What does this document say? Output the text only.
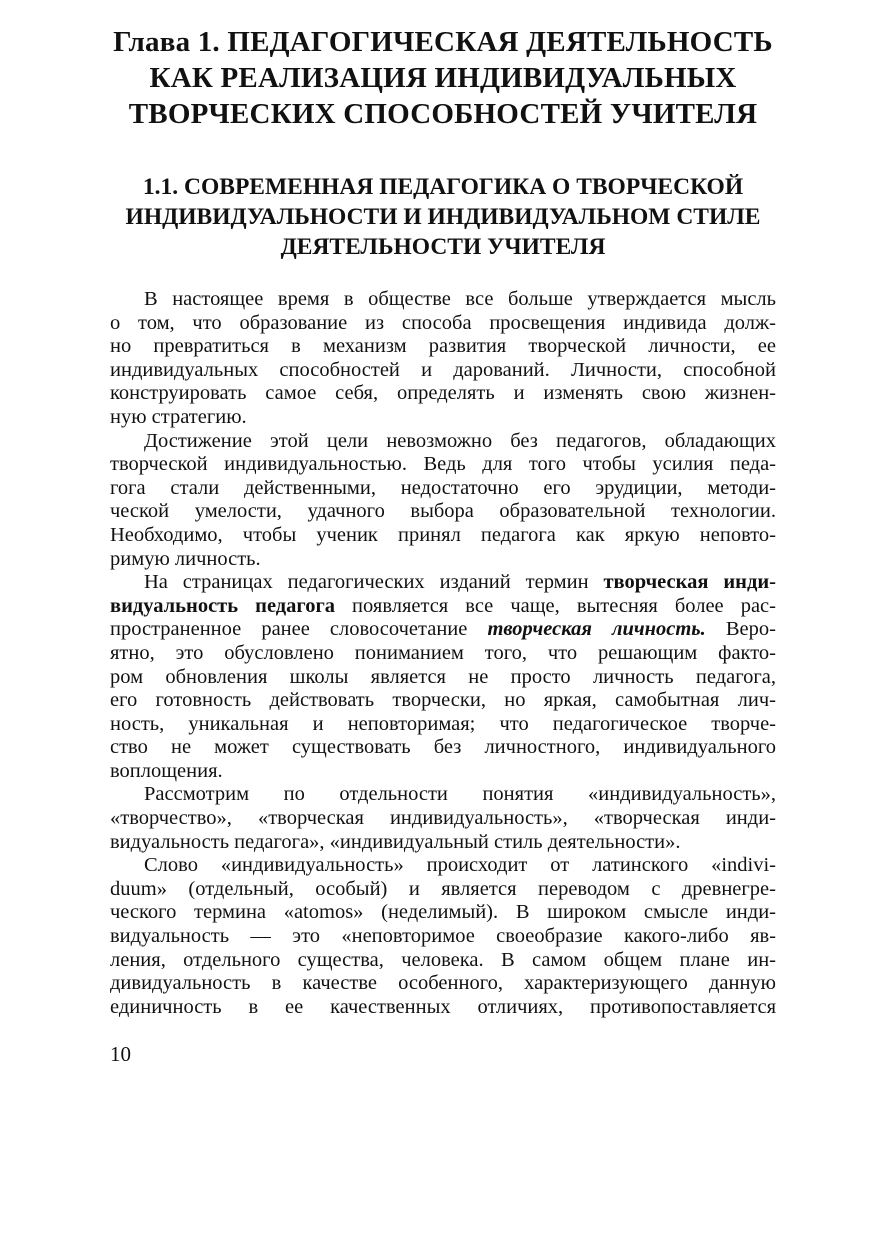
Глава 1. ПЕДАГОГИЧЕСКАЯ ДЕЯТЕЛЬНОСТЬ
КАК РЕАЛИЗАЦИЯ ИНДИВИДУАЛЬНЫХ
ТВОРЧЕСКИХ СПОСОБНОСТЕЙ УЧИТЕЛЯ
1.1. СОВРЕМЕННАЯ ПЕДАГОГИКА О ТВОРЧЕСКОЙ
ИНДИВИДУАЛЬНОСТИ И ИНДИВИДУАЛЬНОМ СТИЛЕ
ДЕЯТЕЛЬНОСТИ УЧИТЕЛЯ

В настоящее время в обществе все больше утверждается мысль
о том, что образование из способа просвещения индивида долж-
но превратиться в механизм развития творческой личности, ее
индивидуальных способностей и дарований. Личности, способной
конструировать самое себя, определять и изменять свою жизнен-
ную стратегию.

Достижение этой цели невозможно без педагогов, обладающих
творческой индивидуальностью. Ведь для того чтобы усилия педа-
гога стали действенными, недостаточно его эрудиции, методи-
ческой умелости, удачного выбора образовательной технологии.
Необходимо, чтобы ученик принял педагога как яркую неповто-
римую личность.

На страницах педагогических изданий термин творческая инди-
видуальность педагога появляется все чаще, вытесняя более рас-
пространенное ранее словосочетание творческая личность. Веро-
ятно, это обусловлено пониманием того, что решающим факто-
ром обновления школы является не просто личность педагога,
его готовность действовать творчески, но яркая, самобытная лич-
ность, уникальная и неповторимая; что педагогическое творче-
ство не может существовать без личностного, индивидуального
воплощения.

Рассмотрим по отдельности понятия «индивидуальность»,
«творчество», «творческая индивидуальность», «творческая инди-
видуальность педагога», «индивидуальный стиль деятельности».

Слово «индивидуальность» происходит от латинского «indivi-
duum» (отдельный, особый) и является переводом с древнегре-
ческого термина «atomos» (неделимый). В широком смысле инди-
видуальность — это «неповторимое своеобразие какого-либо яв-
ления, отдельного существа, человека. В самом общем плане ин-
дивидуальность в качестве особенного, характеризующего данную
единичность в ее качественных отличиях, противопоставляется

10
